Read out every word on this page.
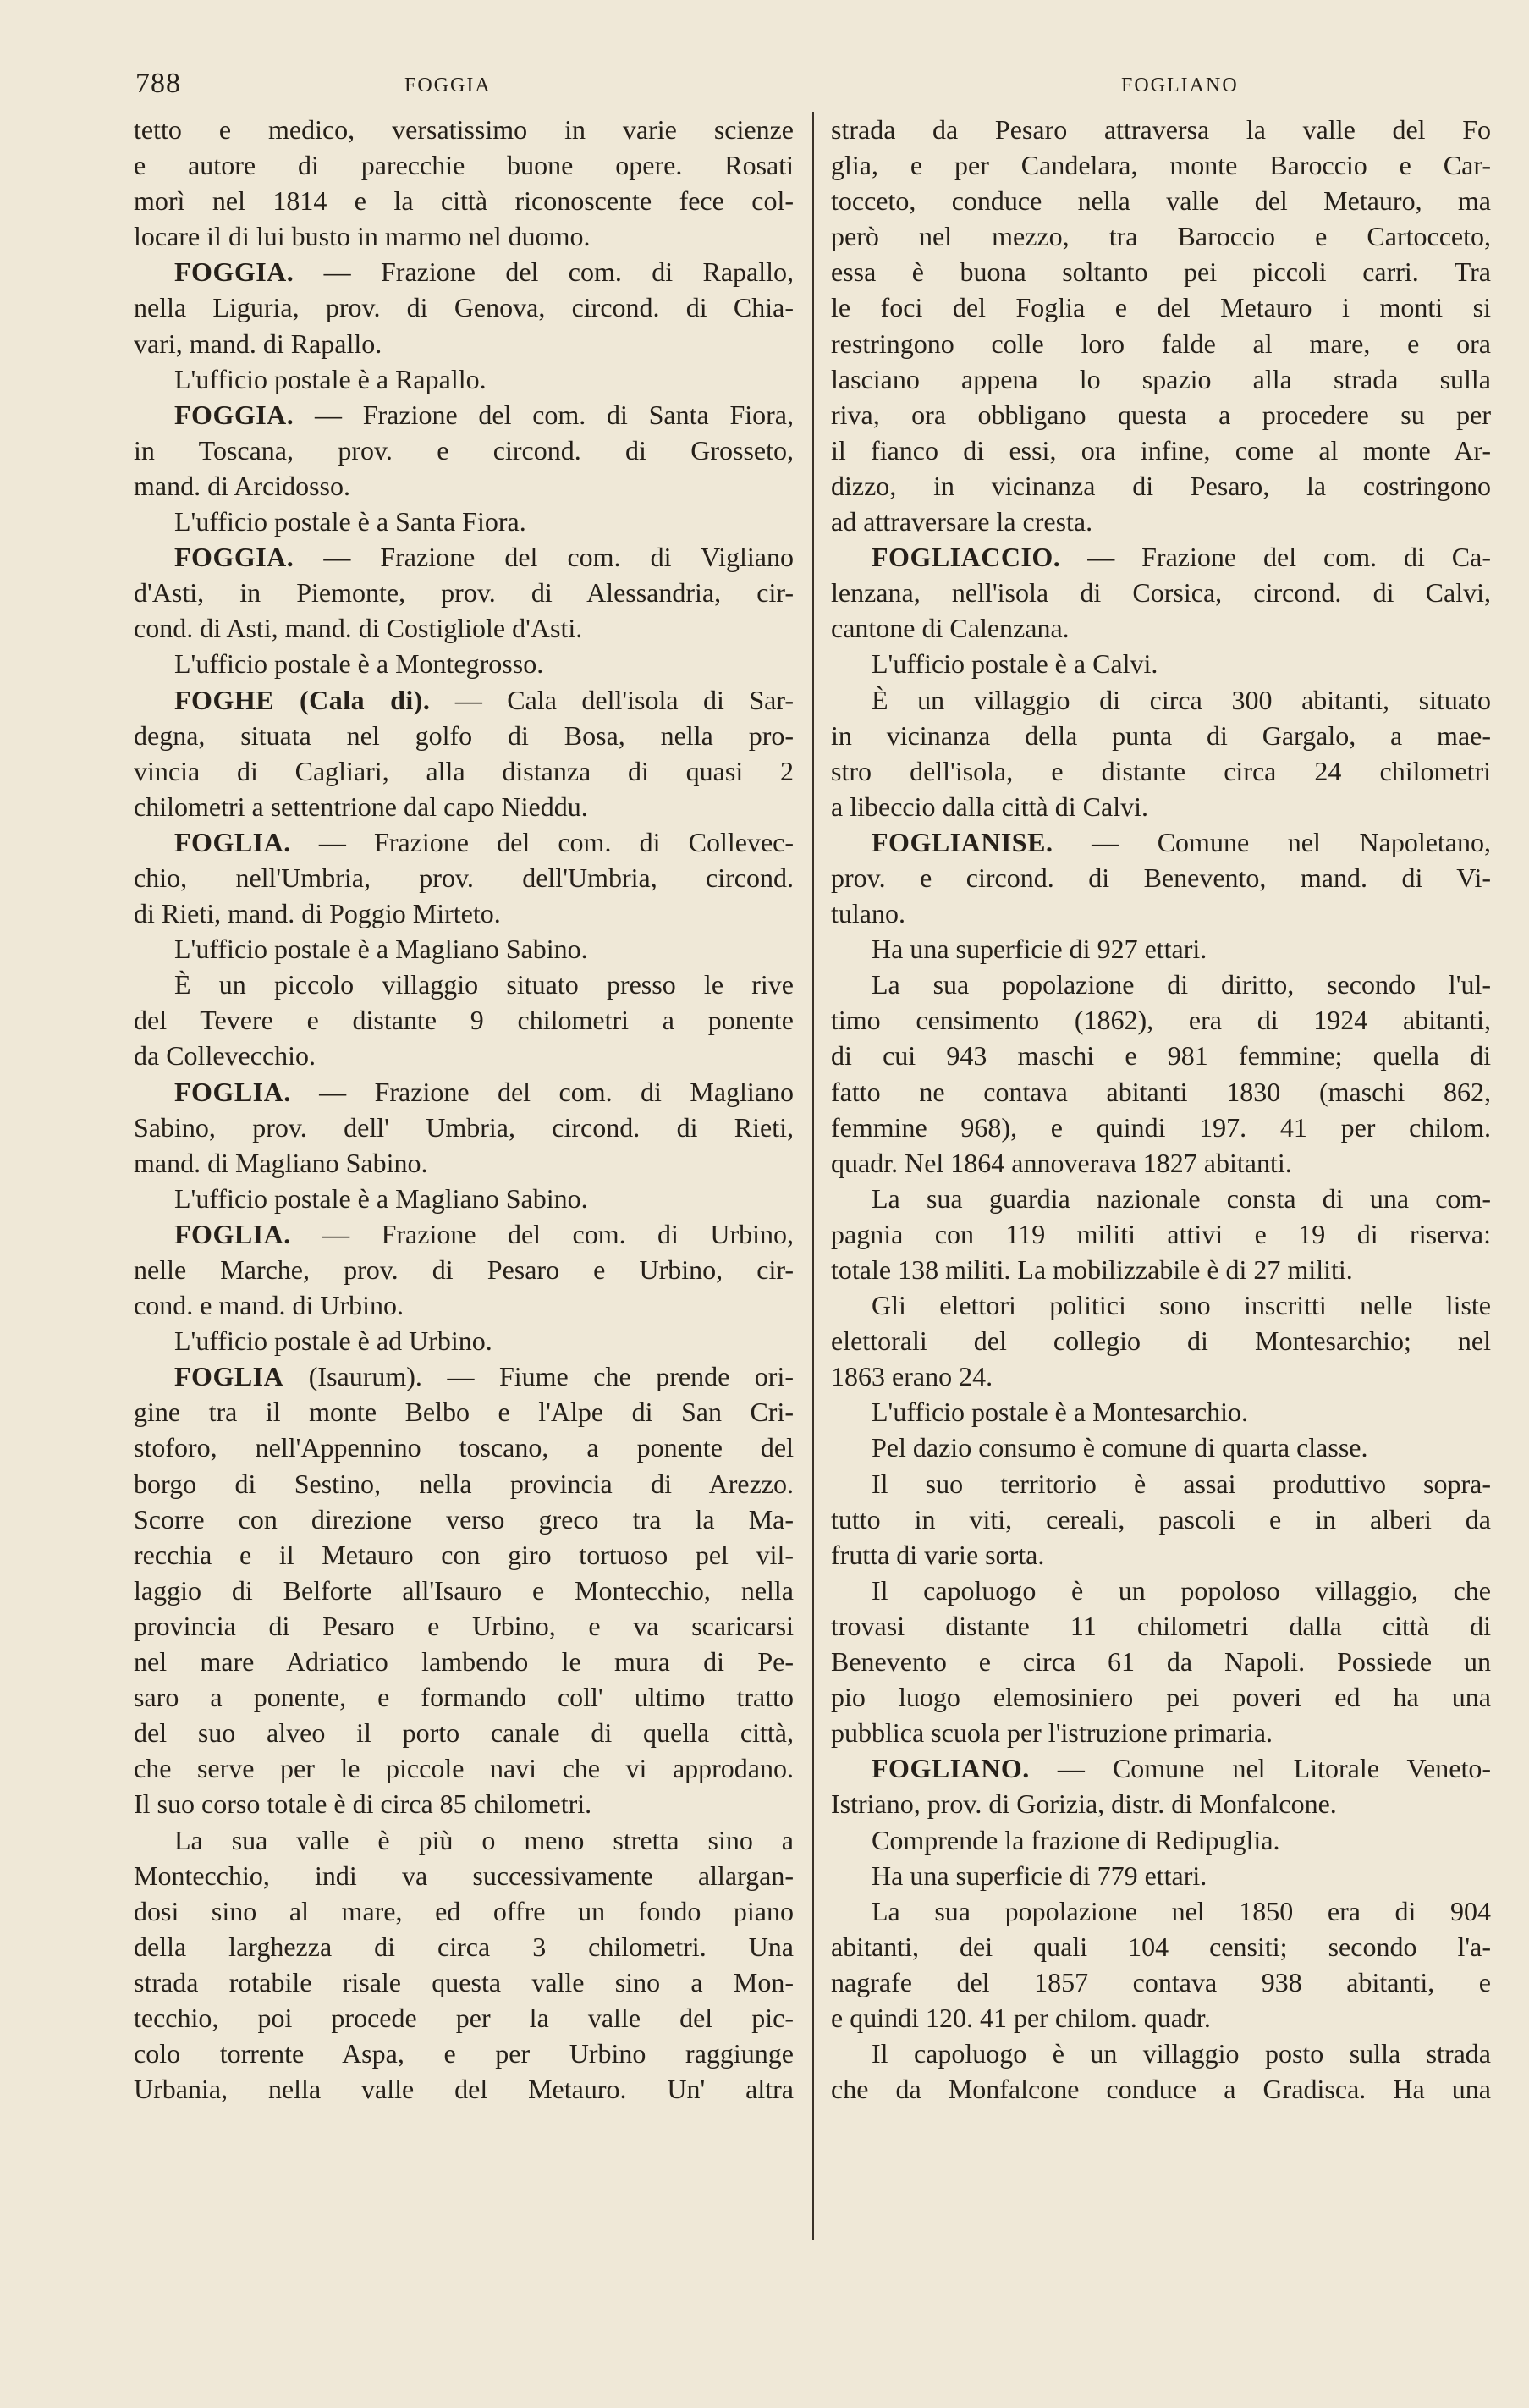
788	FOGGIA	FOGLIANO
tetto e medico, versatissimo in varie scienze
e autore di parecchie buone opere. Rosati
morì nel 1814 e la città riconoscente fece col-
locare il di lui busto in marmo nel duomo.
FOGGIA. — Frazione del com. di Rapallo,
nella Liguria, prov. di Genova, circond. di Chia-
vari, mand. di Rapallo.
L'ufficio postale è a Rapallo.
FOGGIA. — Frazione del com. di Santa Fiora,
in Toscana, prov. e circond. di Grosseto,
mand. di Arcidosso.
L'ufficio postale è a Santa Fiora.
FOGGIA. — Frazione del com. di Vigliano
d'Asti, in Piemonte, prov. di Alessandria, cir-
cond. di Asti, mand. di Costigliole d'Asti.
L'ufficio postale è a Montegrosso.
FOGHE (Cala di). — Cala dell'isola di Sar-
degna, situata nel golfo di Bosa, nella pro-
vincia di Cagliari, alla distanza di quasi 2
chilometri a settentrione dal capo Nieddu.
FOGLIA. — Frazione del com. di Collevec-
chio, nell'Umbria, prov. dell'Umbria, circond.
di Rieti, mand. di Poggio Mirteto.
L'ufficio postale è a Magliano Sabino.
È un piccolo villaggio situato presso le rive
del Tevere e distante 9 chilometri a ponente
da Collevecchio.
FOGLIA. — Frazione del com. di Magliano
Sabino, prov. dell' Umbria, circond. di Rieti,
mand. di Magliano Sabino.
L'ufficio postale è a Magliano Sabino.
FOGLIA. — Frazione del com. di Urbino,
nelle Marche, prov. di Pesaro e Urbino, cir-
cond. e mand. di Urbino.
L'ufficio postale è ad Urbino.
FOGLIA (Isaurum). — Fiume che prende ori-
gine tra il monte Belbo e l'Alpe di San Cri-
stoforo, nell'Appennino toscano, a ponente del
borgo di Sestino, nella provincia di Arezzo.
Scorre con direzione verso greco tra la Ma-
recchia e il Metauro con giro tortuoso pel vil-
laggio di Belforte all'Isauro e Montecchio, nella
provincia di Pesaro e Urbino, e va scaricarsi
nel mare Adriatico lambendo le mura di Pe-
saro a ponente, e formando coll' ultimo tratto
del suo alveo il porto canale di quella città,
che serve per le piccole navi che vi approdano.
Il suo corso totale è di circa 85 chilometri.
La sua valle è più o meno stretta sino a
Montecchio, indi va successivamente allargan-
dosi sino al mare, ed offre un fondo piano
della larghezza di circa 3 chilometri. Una
strada rotabile risale questa valle sino a Mon-
tecchio, poi procede per la valle del pic-
colo torrente Aspa, e per Urbino raggiunge
Urbania, nella valle del Metauro. Un' altra
strada da Pesaro attraversa la valle del Fo
glia, e per Candelara, monte Baroccio e Car-
tocceto, conduce nella valle del Metauro, ma
però nel mezzo, tra Baroccio e Cartocceto,
essa è buona soltanto pei piccoli carri. Tra
le foci del Foglia e del Metauro i monti si
restringono colle loro falde al mare, e ora
lasciano appena lo spazio alla strada sulla
riva, ora obbligano questa a procedere su per
il fianco di essi, ora infine, come al monte Ar-
dizzo, in vicinanza di Pesaro, la costringono
ad attraversare la cresta.
FOGLIACCIO. — Frazione del com. di Ca-
lenzana, nell'isola di Corsica, circond. di Calvi,
cantone di Calenzana.
L'ufficio postale è a Calvi.
È un villaggio di circa 300 abitanti, situato
in vicinanza della punta di Gargalo, a mae-
stro dell'isola, e distante circa 24 chilometri
a libeccio dalla città di Calvi.
FOGLIANISE. — Comune nel Napoletano,
prov. e circond. di Benevento, mand. di Vi-
tulano.
Ha una superficie di 927 ettari.
La sua popolazione di diritto, secondo l'ul-
timo censimento (1862), era di 1924 abitanti,
di cui 943 maschi e 981 femmine; quella di
fatto ne contava abitanti 1830 (maschi 862,
femmine 968), e quindi 197. 41 per chilom.
quadr. Nel 1864 annoverava 1827 abitanti.
La sua guardia nazionale consta di una com-
pagnia con 119 militi attivi e 19 di riserva:
totale 138 militi. La mobilizzabile è di 27 militi.
Gli elettori politici sono inscritti nelle liste
elettorali del collegio di Montesarchio; nel
1863 erano 24.
L'ufficio postale è a Montesarchio.
Pel dazio consumo è comune di quarta classe.
Il suo territorio è assai produttivo sopra-
tutto in viti, cereali, pascoli e in alberi da
frutta di varie sorta.
Il capoluogo è un popoloso villaggio, che
trovasi distante 11 chilometri dalla città di
Benevento e circa 61 da Napoli. Possiede un
pio luogo elemosiniero pei poveri ed ha una
pubblica scuola per l'istruzione primaria.
FOGLIANO. — Comune nel Litorale Veneto-
Istriano, prov. di Gorizia, distr. di Monfalcone.
Comprende la frazione di Redipuglia.
Ha una superficie di 779 ettari.
La sua popolazione nel 1850 era di 904
abitanti, dei quali 104 censiti; secondo l'a-
nagrafe del 1857 contava 938 abitanti, e
e quindi 120. 41 per chilom. quadr.
Il capoluogo è un villaggio posto sulla strada
che da Monfalcone conduce a Gradisca. Ha una
